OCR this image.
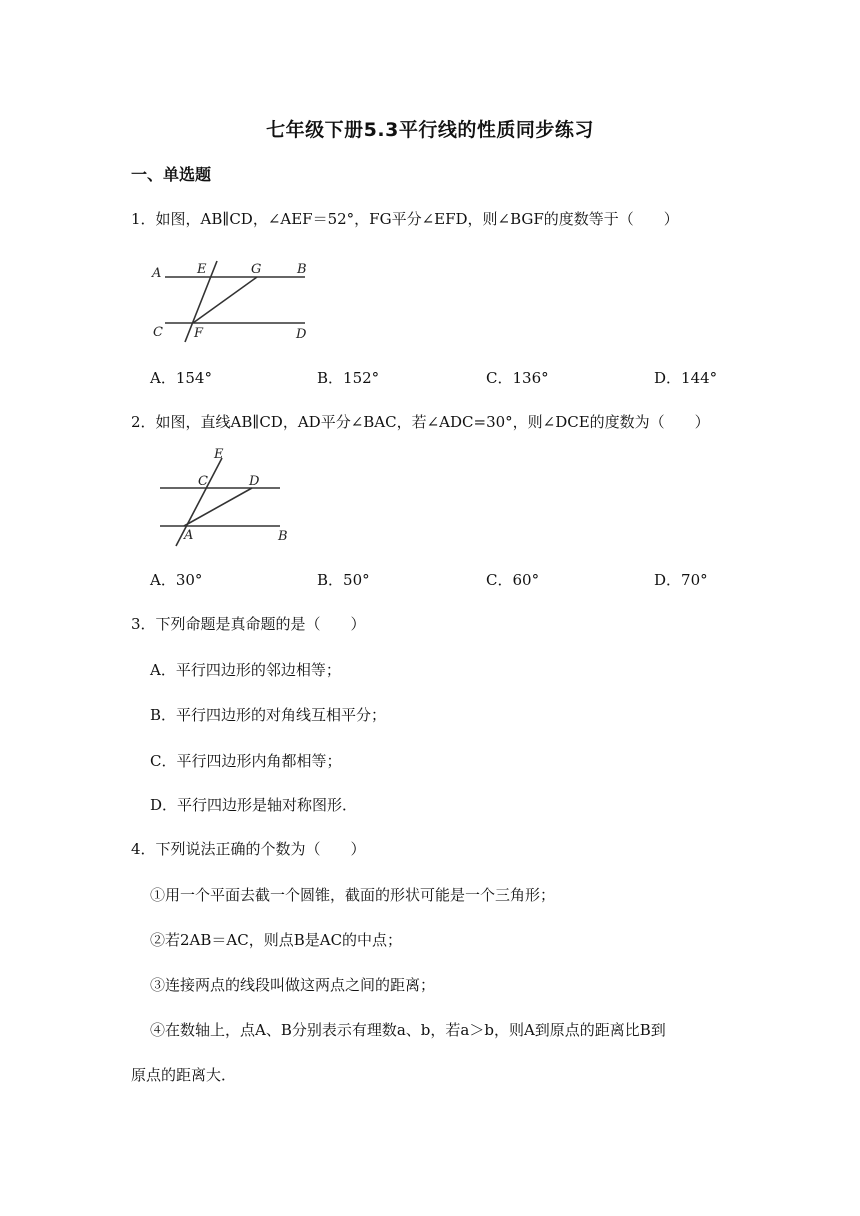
七年级下册5.3平行线的性质同步练习
一、单选题
1．如图，AB∥CD，∠AEF＝52°，FG平分∠EFD，则∠BGF的度数等于（　　）
A	E	G	B
C F	D
A．154°	B．152°	C．136°	D．144°
2．如图，直线AB∥CD，AD平分∠BAC，若∠ADC=30°，则∠DCE的度数为（　　）
E
C	D
A	B
A．30°	B．50°	C．60°	D．70°
3．下列命题是真命题的是（　　）
A．平行四边形的邻边相等；
B．平行四边形的对角线互相平分；
C．平行四边形内角都相等；
D．平行四边形是轴对称图形．
4．下列说法正确的个数为（　　）
①用一个平面去截一个圆锥，截面的形状可能是一个三角形；
②若2AB＝AC，则点B是AC的中点；
③连接两点的线段叫做这两点之间的距离；
④在数轴上，点A、B分别表示有理数a、b，若a＞b，则A到原点的距离比B到
原点的距离大．
